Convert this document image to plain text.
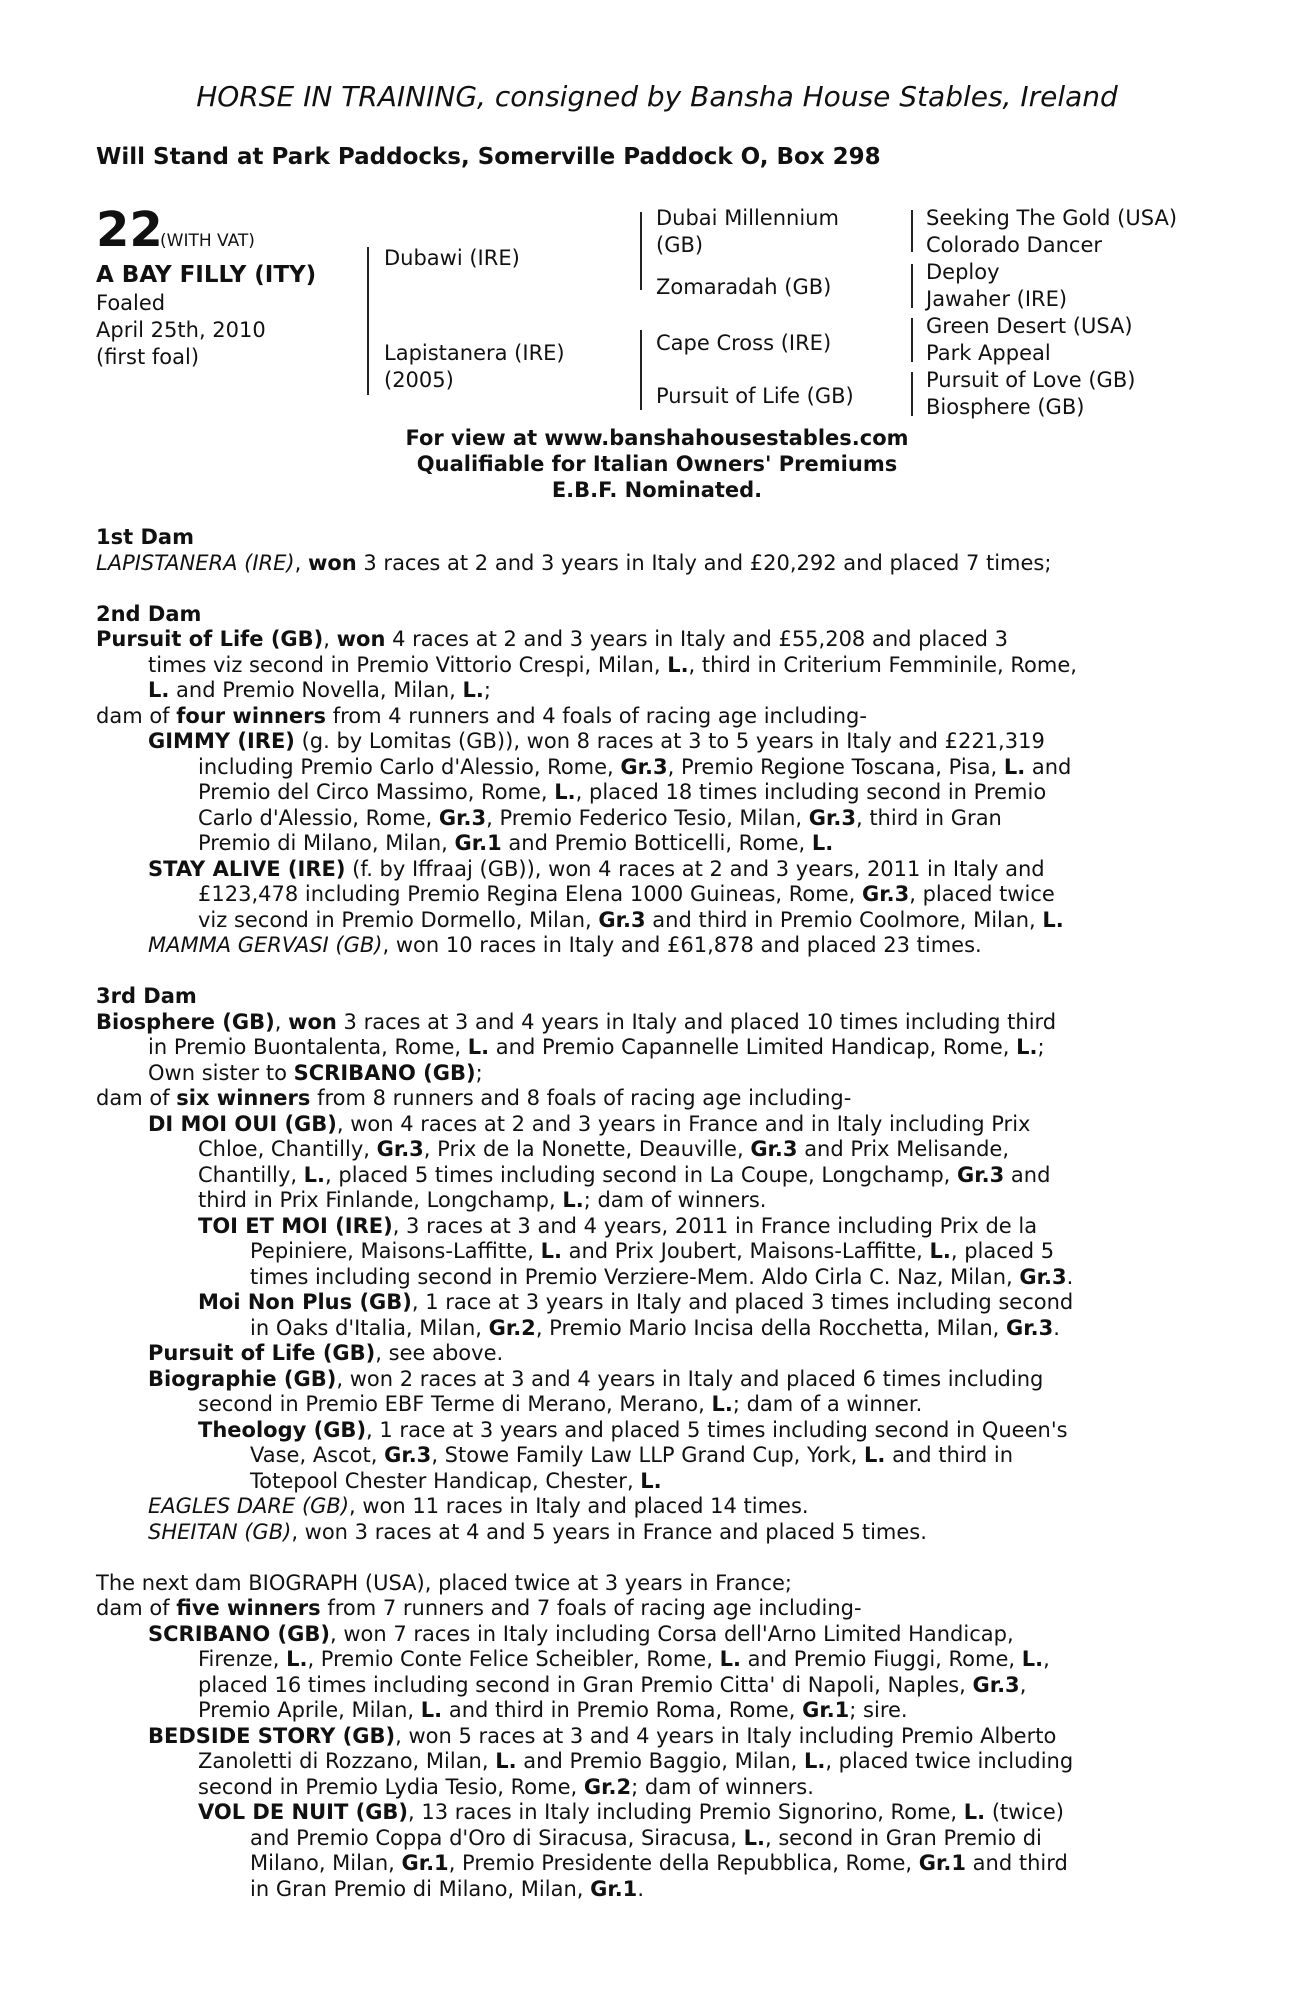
HORSE IN TRAINING, consigned by Bansha House Stables, Ireland
Will Stand at Park Paddocks, Somerville Paddock O, Box 298
22
(WITH VAT)
A BAY FILLY (ITY)
Foaled
April 25th, 2010
(first foal)
Dubawi (IRE)
Lapistanera (IRE)
(2005)
Dubai Millennium
(GB)
Zomaradah (GB)
Cape Cross (IRE)
Pursuit of Life (GB)
Seeking The Gold (USA)
Colorado Dancer
Deploy
Jawaher (IRE)
Green Desert (USA)
Park Appeal
Pursuit of Love (GB)
Biosphere (GB)
For view at www.banshahousestables.com
Qualifiable for Italian Owners' Premiums
E.B.F. Nominated.
1st Dam
LAPISTANERA (IRE), won 3 races at 2 and 3 years in Italy and £20,292 and placed 7 times;
2nd Dam
Pursuit of Life (GB), won 4 races at 2 and 3 years in Italy and £55,208 and placed 3
times viz second in Premio Vittorio Crespi, Milan, L., third in Criterium Femminile, Rome,
L. and Premio Novella, Milan, L.;
dam of four winners from 4 runners and 4 foals of racing age including-
GIMMY (IRE) (g. by Lomitas (GB)), won 8 races at 3 to 5 years in Italy and £221,319
including Premio Carlo d'Alessio, Rome, Gr.3, Premio Regione Toscana, Pisa, L. and
Premio del Circo Massimo, Rome, L., placed 18 times including second in Premio
Carlo d'Alessio, Rome, Gr.3, Premio Federico Tesio, Milan, Gr.3, third in Gran
Premio di Milano, Milan, Gr.1 and Premio Botticelli, Rome, L.
STAY ALIVE (IRE) (f. by Iffraaj (GB)), won 4 races at 2 and 3 years, 2011 in Italy and
£123,478 including Premio Regina Elena 1000 Guineas, Rome, Gr.3, placed twice
viz second in Premio Dormello, Milan, Gr.3 and third in Premio Coolmore, Milan, L.
MAMMA GERVASI (GB), won 10 races in Italy and £61,878 and placed 23 times.
3rd Dam
Biosphere (GB), won 3 races at 3 and 4 years in Italy and placed 10 times including third
in Premio Buontalenta, Rome, L. and Premio Capannelle Limited Handicap, Rome, L.;
Own sister to SCRIBANO (GB);
dam of six winners from 8 runners and 8 foals of racing age including-
DI MOI OUI (GB), won 4 races at 2 and 3 years in France and in Italy including Prix
Chloe, Chantilly, Gr.3, Prix de la Nonette, Deauville, Gr.3 and Prix Melisande,
Chantilly, L., placed 5 times including second in La Coupe, Longchamp, Gr.3 and
third in Prix Finlande, Longchamp, L.; dam of winners.
TOI ET MOI (IRE), 3 races at 3 and 4 years, 2011 in France including Prix de la
Pepiniere, Maisons-Laffitte, L. and Prix Joubert, Maisons-Laffitte, L., placed 5
times including second in Premio Verziere-Mem. Aldo Cirla C. Naz, Milan, Gr.3.
Moi Non Plus (GB), 1 race at 3 years in Italy and placed 3 times including second
in Oaks d'Italia, Milan, Gr.2, Premio Mario Incisa della Rocchetta, Milan, Gr.3.
Pursuit of Life (GB), see above.
Biographie (GB), won 2 races at 3 and 4 years in Italy and placed 6 times including
second in Premio EBF Terme di Merano, Merano, L.; dam of a winner.
Theology (GB), 1 race at 3 years and placed 5 times including second in Queen's
Vase, Ascot, Gr.3, Stowe Family Law LLP Grand Cup, York, L. and third in
Totepool Chester Handicap, Chester, L.
EAGLES DARE (GB), won 11 races in Italy and placed 14 times.
SHEITAN (GB), won 3 races at 4 and 5 years in France and placed 5 times.
The next dam BIOGRAPH (USA), placed twice at 3 years in France;
dam of five winners from 7 runners and 7 foals of racing age including-
SCRIBANO (GB), won 7 races in Italy including Corsa dell'Arno Limited Handicap,
Firenze, L., Premio Conte Felice Scheibler, Rome, L. and Premio Fiuggi, Rome, L.,
placed 16 times including second in Gran Premio Citta' di Napoli, Naples, Gr.3,
Premio Aprile, Milan, L. and third in Premio Roma, Rome, Gr.1; sire.
BEDSIDE STORY (GB), won 5 races at 3 and 4 years in Italy including Premio Alberto
Zanoletti di Rozzano, Milan, L. and Premio Baggio, Milan, L., placed twice including
second in Premio Lydia Tesio, Rome, Gr.2; dam of winners.
VOL DE NUIT (GB), 13 races in Italy including Premio Signorino, Rome, L. (twice)
and Premio Coppa d'Oro di Siracusa, Siracusa, L., second in Gran Premio di
Milano, Milan, Gr.1, Premio Presidente della Repubblica, Rome, Gr.1 and third
in Gran Premio di Milano, Milan, Gr.1.
